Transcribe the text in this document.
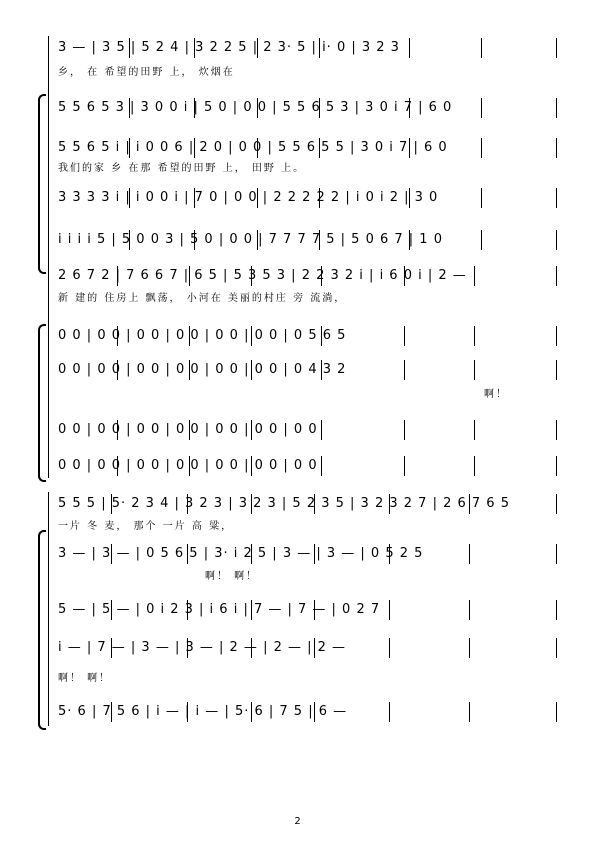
3 — | 3 5 | 5 2 4 | 3 2 2 5 | 2 3· 5 | i· 0 | 3 2 3
乡， 在 希望的田野 上， 炊烟在
5 5 6 5 3 | 3 0 0 i | 5 0 | 0 0 | 5 5 6 5 3 | 3 0 i 7 | 6 0
5 5 6 5 i | i 0 0 6 | 2 0 | 0 0 | 5 5 6 5 5 | 3 0 i 7 | 6 0
我们的家 乡 在那 希望的田野 上， 田野 上。
3 3 3 3 i | i 0 0 i | 7 0 | 0 0 | 2 2 2 2 2 | i 0 i 2 | 3 0
i i i i 5 | 5 0 0 3 | 5 0 | 0 0 | 7 7 7 7 5 | 5 0 6 7 | 1 0
2 6 7 2 | 7 6 6 7 | 6 5 | 5 3 5 3 | 2 2 3 2 i | i 6 0 i | 2 —
新 建的 住房上 飘荡， 小河在 美丽的村庄 旁 流淌，
0 0 | 0 0 | 0 0 | 0 0 | 0 0 | 0 0 | 0 5 6 5
0 0 | 0 0 | 0 0 | 0 0 | 0 0 | 0 0 | 0 4 3 2
啊！
0 0 | 0 0 | 0 0 | 0 0 | 0 0 | 0 0 | 0 0
0 0 | 0 0 | 0 0 | 0 0 | 0 0 | 0 0 | 0 0
5 5 5 | 5· 2 3 4 | 3 2 3 | 3 2 3 | 5 2 3 5 | 3 2 3 2 7 | 2 6 7 6 5
一片 冬 麦， 那个 一片 高 粱，
3 — | 3 — | 0 5 6 5 | 3· i 2 5 | 3 — | 3 — | 0 5 2 5
啊！ 啊！
5 — | 5 — | 0 i 2 3 | i 6 i | 7 — | 7 — | 0 2 7
i — | 7 — | 3 — | 3 — | 2 — | 2 — | 2 —
啊！ 啊！
5· 6 | 7 5 6 | i — | i — | 5· 6 | 7 5 | 6 —
2
